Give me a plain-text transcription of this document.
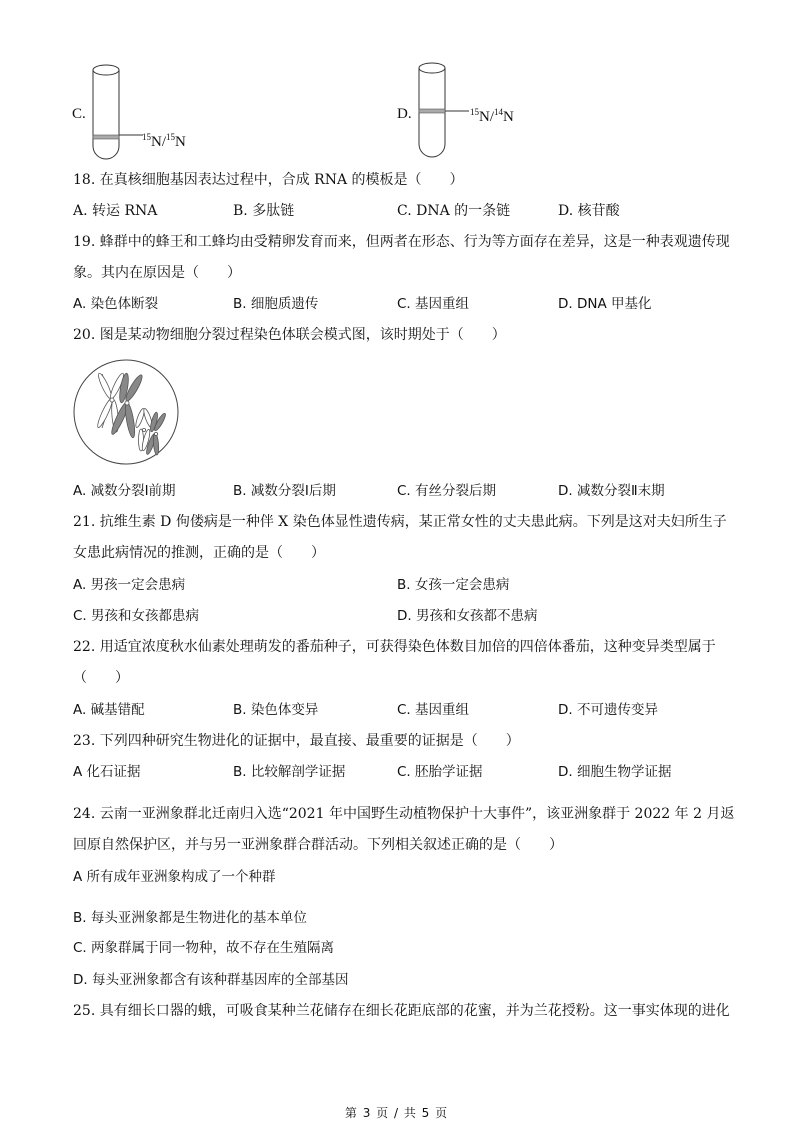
C.
$^{15}$N/$^{15}$N
D.	$^{15}$N/$^{14}$N
18. 在真核细胞基因表达过程中，合成 RNA 的模板是（　　）
A. 转运 RNA	B. 多肽链	C. DNA 的一条链	D. 核苷酸
19. 蜂群中的蜂王和工蜂均由受精卵发育而来，但两者在形态、行为等方面存在差异，这是一种表观遗传现
象。其内在原因是（　　）
A. 染色体断裂	B. 细胞质遗传	C. 基因重组	D. DNA 甲基化
20. 图是某动物细胞分裂过程染色体联会模式图，该时期处于（　　）
A. 减数分裂Ⅰ前期	B. 减数分裂Ⅰ后期	C. 有丝分裂后期	D. 减数分裂Ⅱ末期
21. 抗维生素 D 佝偻病是一种伴 X 染色体显性遗传病，某正常女性的丈夫患此病。下列是这对夫妇所生子
女患此病情况的推测，正确的是（　　）
A. 男孩一定会患病	B. 女孩一定会患病
C. 男孩和女孩都患病	D. 男孩和女孩都不患病
22. 用适宜浓度秋水仙素处理萌发的番茄种子，可获得染色体数目加倍的四倍体番茄，这种变异类型属于
（　　）
A. 碱基错配	B. 染色体变异	C. 基因重组	D. 不可遗传变异
23. 下列四种研究生物进化的证据中，最直接、最重要的证据是（　　）
A 化石证据	B. 比较解剖学证据	C. 胚胎学证据	D. 细胞生物学证据
24. 云南一亚洲象群北迁南归入选“2021 年中国野生动植物保护十大事件”，该亚洲象群于 2022 年 2 月返
回原自然保护区，并与另一亚洲象群合群活动。下列相关叙述正确的是（　　）
A 所有成年亚洲象构成了一个种群
B. 每头亚洲象都是生物进化的基本单位
C. 两象群属于同一物种，故不存在生殖隔离
D. 每头亚洲象都含有该种群基因库的全部基因
25. 具有细长口器的蛾，可吸食某种兰花储存在细长花距底部的花蜜，并为兰花授粉。这一事实体现的进化
第 3 页 / 共 5 页
